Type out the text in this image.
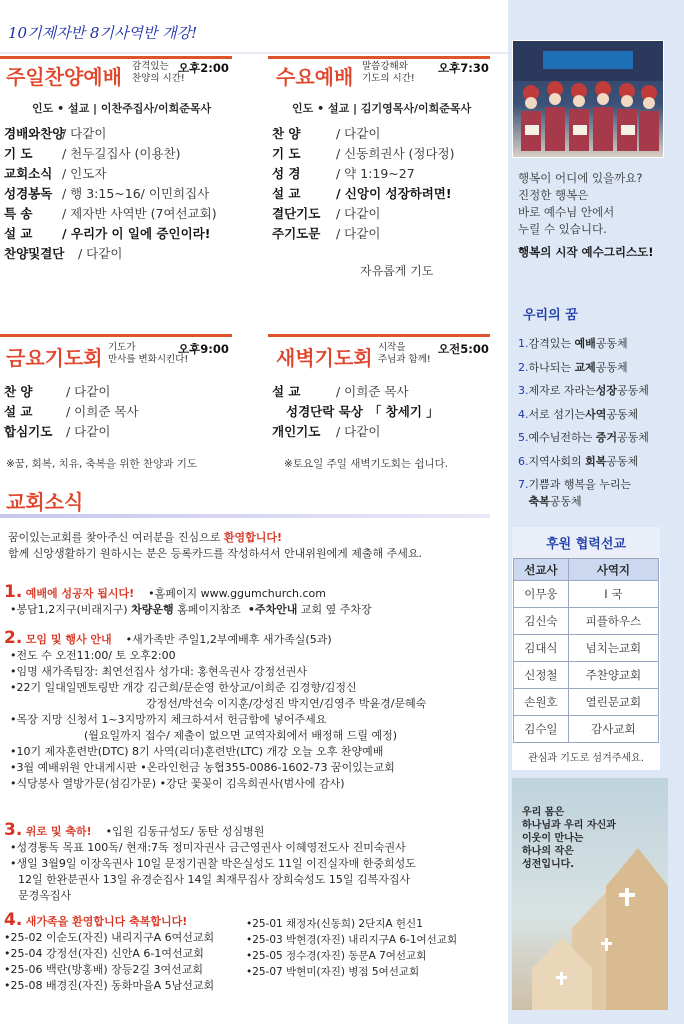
10기제자반 8기사역반 개강!
주일찬양예배 감격있는
찬양의 시간!
오후2:00
인도 • 설교 | 이찬주집사/이희준목사
경배와찬양/ 다같이
기 도 / 천두길집사 (이용찬)
교회소식 / 인도자
성경봉독 / 행 3:15~16/ 이민희집사
특 송 / 제자반 사역반 (7여선교회)
설 교 / 우리가 이 일에 증인이라!
찬양및결단 / 다같이
수요예배 말씀강해와
기도의 시간!
오후7:30
인도 • 설교 | 김기영목사/이희준목사
찬 양	/ 다같이
기 도	/ 신동희권사 (정다정)
성 경	/ 약 1:19~27
설 교	/ 신앙이 성장하려면!
결단기도 / 다같이
주기도문 / 다같이
자유롭게 기도
금요기도회 기도가
만사를 변화시킨다!
오후9:00
찬 양	/ 다같이
설 교	/ 이희준 목사
합심기도 / 다같이
※꿈, 회복, 치유, 축복을 위한 찬양과 기도
새벽기도회 시작을
주님과 함께!
오전5:00
설 교	/ 이희준 목사
성경단락 묵상 「 창세기 」
개인기도 / 다같이
※토요일 주일 새벽기도회는 쉽니다.
교회소식
꿈이있는교회를 찾아주신 여러분을 진심으로 환영합니다!
함께 신앙생활하기 원하시는 분은 등록카드를 작성하셔서 안내위원에게 제출해 주세요.
1. 예배에 성공자 됩시다! •홈페이지 www.ggumchurch.com
•봉담1,2지구(비래지구) 차량운행 홈페이지참조 •주차안내 교회 옆 주차장
2. 모임 및 행사 안내 •새가족반 주일1,2부예배후 새가족실(5과)
•전도 수 오전11:00/ 토 오후2:00
•임명 새가족팀장: 최연선집사 성가대: 홍현옥권사 강정선권사
•22기 일대일멘토링반 개강 김근희/문순영 한상교/이희준 김경향/김정신
강정선/박선숙 이지훈/강성진 박지연/김영주 박윤경/문혜숙
•목장 지망 신청서 1~3지망까지 체크하셔서 헌금함에 넣어주세요
(월요일까지 접수/ 제출이 없으면 교역자회에서 배정해 드릴 예정)
•10기 제자훈련반(DTC) 8기 사역(리더)훈련반(LTC) 개강 오늘 오후 찬양예배
•3월 예배위원 안내게시판 •온라인헌금 농협355-0086-1602-73 꿈이있는교회
•식당봉사 열방가문(섬김가문) •강단 꽃꽂이 김옥희권사(범사에 감사)
3. 위로 및 축하! •입원 김동규성도/ 동탄 성심병원
•성경통독 목표 100독/ 현재:7독 정미자권사 금근영권사 이혜영전도사 진미숙권사
•생일 3월9일 이장옥권사 10일 문정기권찰 박은실성도 11일 이진실자매 한중희성도
12일 한완분권사 13일 유경순집사 14일 최재무집사 장희숙성도 15일 김복자집사
문경옥집사
4. 새가족을 환영합니다 축복합니다!
•25-02 이순도(자진) 내리지구A 6여선교회
•25-04 강정선(자진) 신안A 6-1여선교회
•25-06 백란(방홍배) 장등2길 3여선교회
•25-08 배경진(자진) 동화마을A 5남선교회
•25-01 채정자(신동희) 2단지A 헌신1
•25-03 박현경(자진) 내리지구A 6-1여선교회
•25-05 정수경(자진) 동문A 7여선교회
•25-07 박현미(자진) 병점 5여선교회
행복이 어디에 있을까요?
진정한 행복은
바로 예수님 안에서
누릴 수 있습니다.
행복의 시작 예수그리스도!
우리의 꿈
1.감격있는 예배공동체
2.하나되는 교제공동체
3.제자로 자라는성장공동체
4.서로 섬기는사역공동체
5.예수님전하는 증거공동체
6.지역사회의 회복공동체
7.기쁨과 행복을 누리는
축복공동체
후원 협력선교
선교사	사역지
이무웅	I 국
김신숙	피플하우스
김대식	넘치는교회
신정철	주찬양교회
손원호	열린문교회
김수일	감사교회
관심과 기도로 섬겨주세요.
우리 몸은
하나님과 우리 자신과
이웃이 만나는
하나의 작은
성전입니다.
